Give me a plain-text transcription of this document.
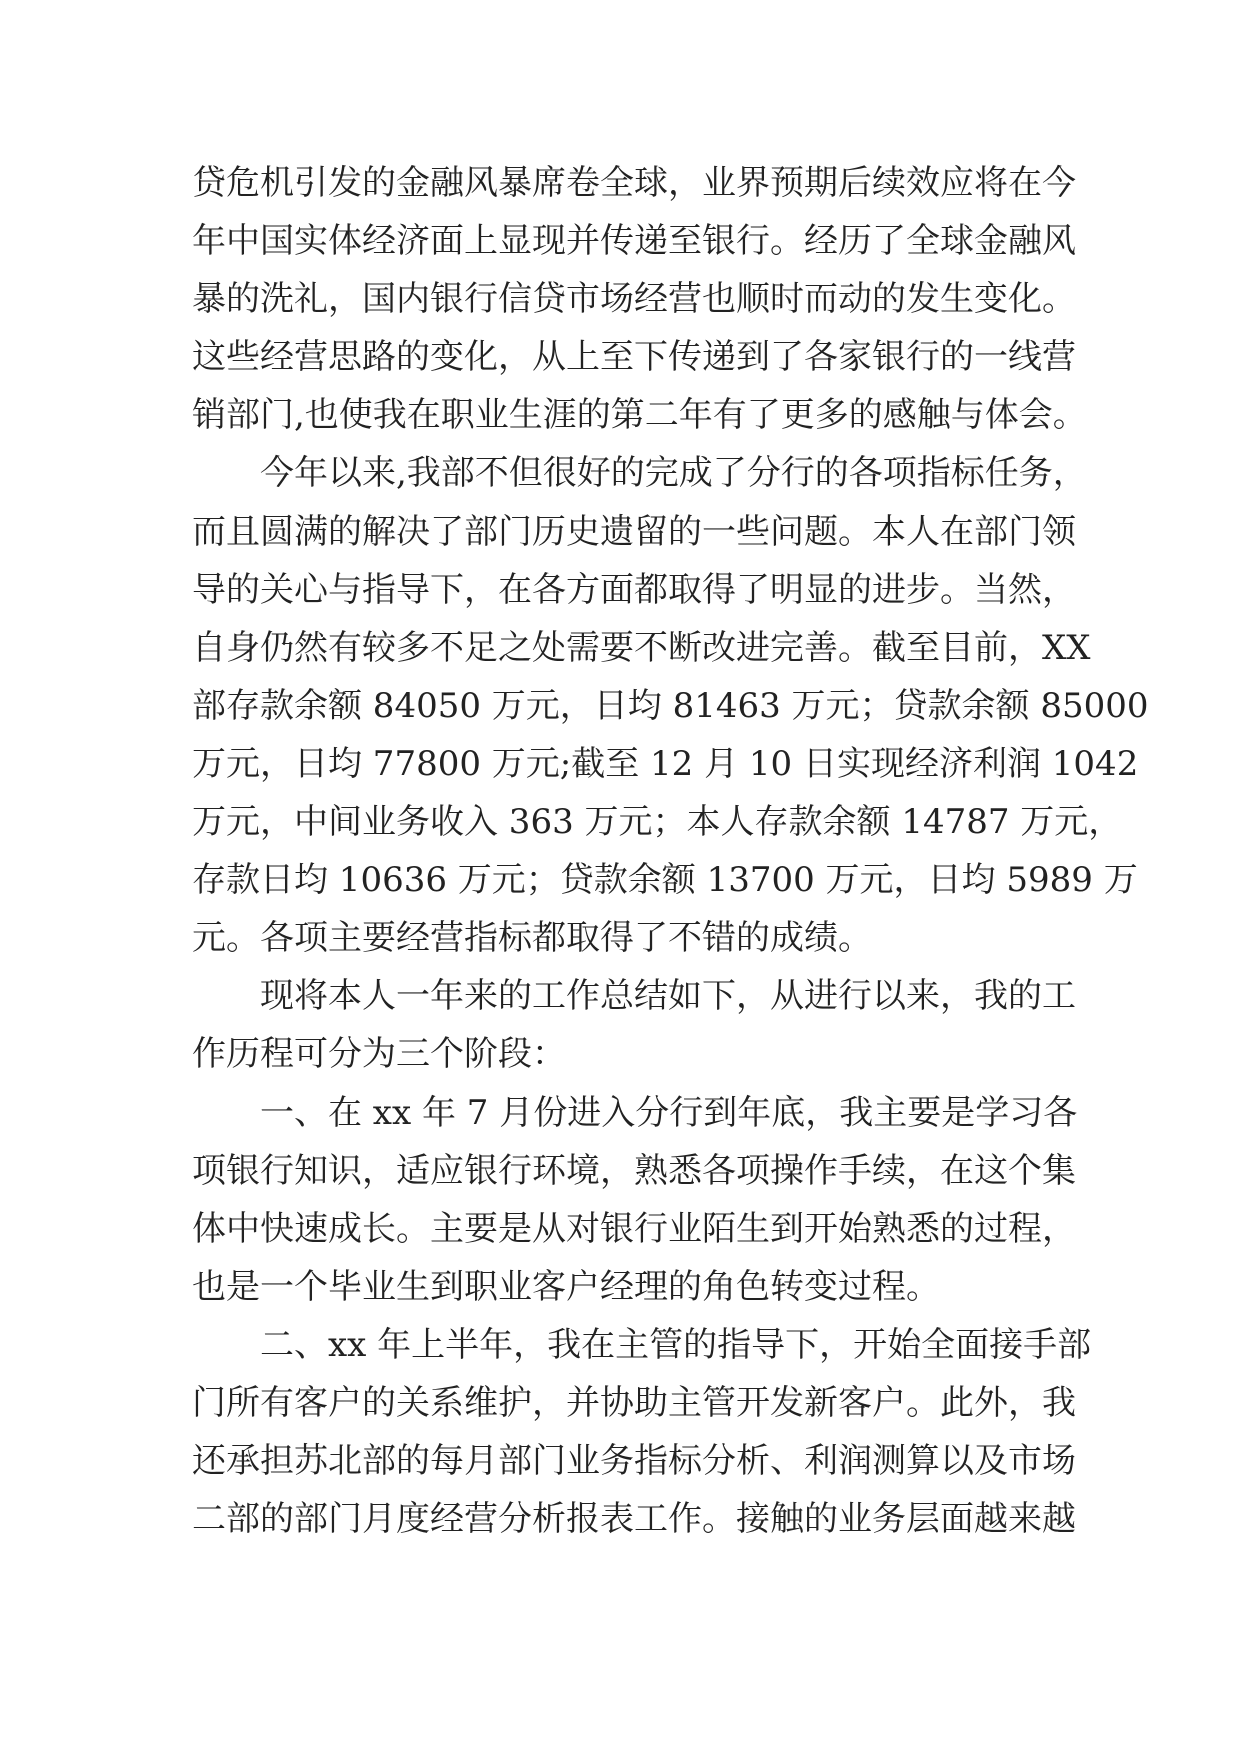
贷危机引发的金融风暴席卷全球，业界预期后续效应将在今

年中国实体经济面上显现并传递至银行。经历了全球金融风

暴的洗礼，国内银行信贷市场经营也顺时而动的发生变化。

这些经营思路的变化，从上至下传递到了各家银行的一线营

销部门,也使我在职业生涯的第二年有了更多的感触与体会。

　　今年以来,我部不但很好的完成了分行的各项指标任务，

而且圆满的解决了部门历史遗留的一些问题。本人在部门领

导的关心与指导下，在各方面都取得了明显的进步。当然，

自身仍然有较多不足之处需要不断改进完善。截至目前，XX

部存款余额 84050 万元，日均 81463 万元；贷款余额 85000

万元，日均 77800 万元;截至 12 月 10 日实现经济利润 1042

万元，中间业务收入 363 万元；本人存款余额 14787 万元，

存款日均 10636 万元；贷款余额 13700 万元，日均 5989 万

元。各项主要经营指标都取得了不错的成绩。

　　现将本人一年来的工作总结如下，从进行以来，我的工

作历程可分为三个阶段：

　　一、在 xx 年 7 月份进入分行到年底，我主要是学习各

项银行知识，适应银行环境，熟悉各项操作手续，在这个集

体中快速成长。主要是从对银行业陌生到开始熟悉的过程，

也是一个毕业生到职业客户经理的角色转变过程。

　　二、xx 年上半年，我在主管的指导下，开始全面接手部

门所有客户的关系维护，并协助主管开发新客户。此外，我

还承担苏北部的每月部门业务指标分析、利润测算以及市场

二部的部门月度经营分析报表工作。接触的业务层面越来越
